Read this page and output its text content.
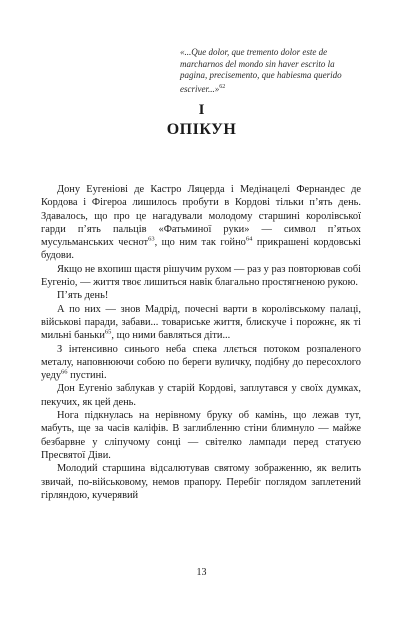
«...Que dolor, que tremento dolor este de marcharnos del mondo sin haver escrito la pagina, precisemento, que habiesma querido escriver...»$^{62}$
I
ОПІКУН

Дону Еугеніові де Кастро Ляцерда і Медінацелі Фернандес де Кордова і Фігероа лишилось пробути в Кордові тільки п’ять день. Здавалось, що про це нагадували молодому старшині королівської гарди п’ять пальців «Фатьминої руки» — символ п’ятьох мусульманських чеснот$^{63}$, що ним так гойно$^{64}$ прикрашені кордовські будови.

Якщо не вхопиш щастя рішучим рухом — раз у раз повторював собі Еугеніо, — життя твоє лишиться навік благально простягненою рукою.

П’ять день!

А по них — знов Мадрід, почесні варти в королівському палаці, військові паради, забави... товариське життя, блискуче і порожнє, як ті мильні баньки$^{65}$, що ними бавляться діти...

З інтенсивно синього неба спека ллється потоком розпаленого металу, наповнюючи собою по береги вуличку, подібну до пересохлого уеду$^{66}$ пустині.

Дон Еугеніо заблукав у старій Кордові, заплутався у своїх думках, пекучих, як цей день.

Нога підкнулась на нерівному бруку об камінь, що лежав тут, мабуть, ще за часів каліфів. В заглибленню стіни блимнуло — майже безбарвне у сліпучому сонці — світелко лампади перед статуєю Пресвятої Діви.

Молодий старшина відсалютував святому зображенню, як велить звичай, по-військовому, немов прапору. Перебіг поглядом заплетений гірляндою, кучерявий

13
